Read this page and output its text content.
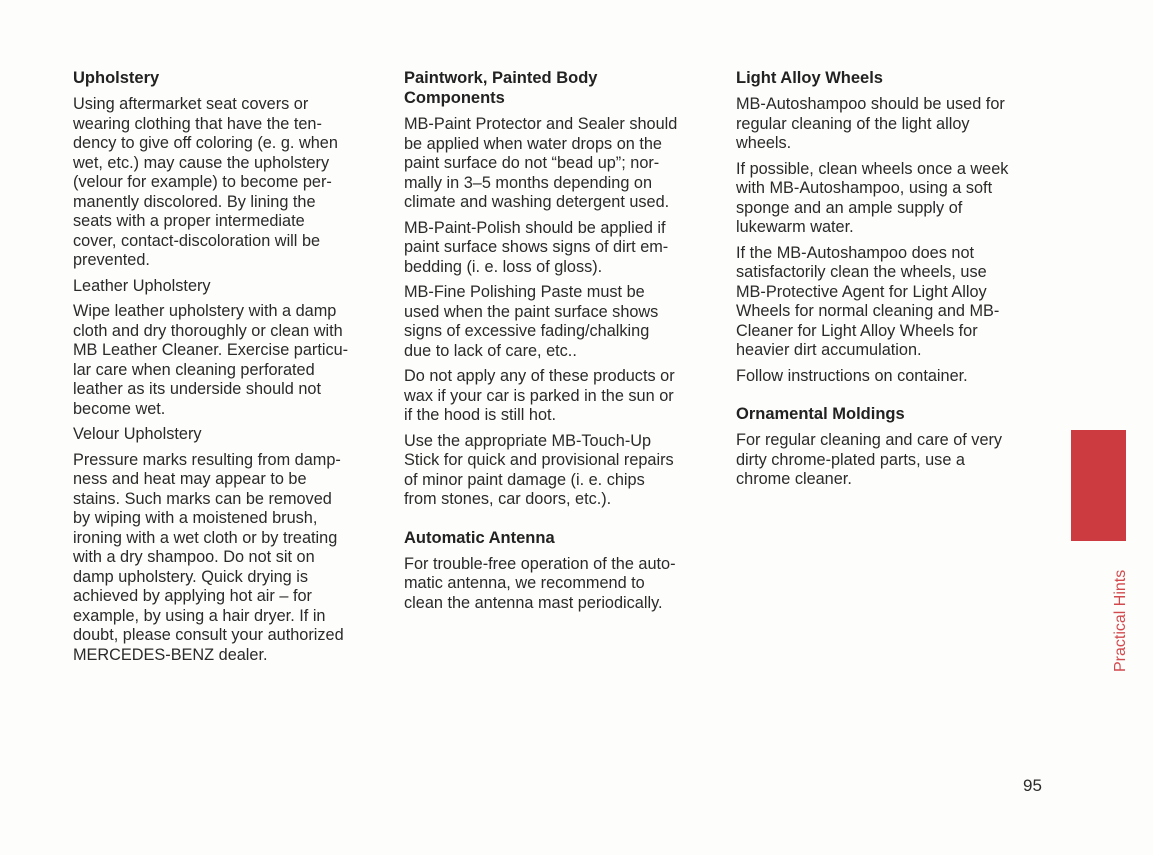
Upholstery
Using aftermarket seat covers or
wearing clothing that have the ten-
dency to give off coloring (e. g. when
wet, etc.) may cause the upholstery
(velour for example) to become per-
manently discolored. By lining the
seats with a proper intermediate
cover, contact-discoloration will be
prevented.
Leather Upholstery
Wipe leather upholstery with a damp
cloth and dry thoroughly or clean with
MB Leather Cleaner. Exercise particu-
lar care when cleaning perforated
leather as its underside should not
become wet.
Velour Upholstery
Pressure marks resulting from damp-
ness and heat may appear to be
stains. Such marks can be removed
by wiping with a moistened brush,
ironing with a wet cloth or by treating
with a dry shampoo. Do not sit on
damp upholstery. Quick drying is
achieved by applying hot air – for
example, by using a hair dryer. If in
doubt, please consult your authorized
MERCEDES-BENZ dealer.
Paintwork, Painted Body
Components
MB-Paint Protector and Sealer should
be applied when water drops on the
paint surface do not “bead up”; nor-
mally in 3–5 months depending on
climate and washing detergent used.
MB-Paint-Polish should be applied if
paint surface shows signs of dirt em-
bedding (i. e. loss of gloss).
MB-Fine Polishing Paste must be
used when the paint surface shows
signs of excessive fading/chalking
due to lack of care, etc..
Do not apply any of these products or
wax if your car is parked in the sun or
if the hood is still hot.
Use the appropriate MB-Touch-Up
Stick for quick and provisional repairs
of minor paint damage (i. e. chips
from stones, car doors, etc.).
Automatic Antenna
For trouble-free operation of the auto-
matic antenna, we recommend to
clean the antenna mast periodically.
Light Alloy Wheels
MB-Autoshampoo should be used for
regular cleaning of the light alloy
wheels.
If possible, clean wheels once a week
with MB-Autoshampoo, using a soft
sponge and an ample supply of
lukewarm water.
If the MB-Autoshampoo does not
satisfactorily clean the wheels, use
MB-Protective Agent for Light Alloy
Wheels for normal cleaning and MB-
Cleaner for Light Alloy Wheels for
heavier dirt accumulation.
Follow instructions on container.
Ornamental Moldings
For regular cleaning and care of very
dirty chrome-plated parts, use a
chrome cleaner.
Practical Hints
95
